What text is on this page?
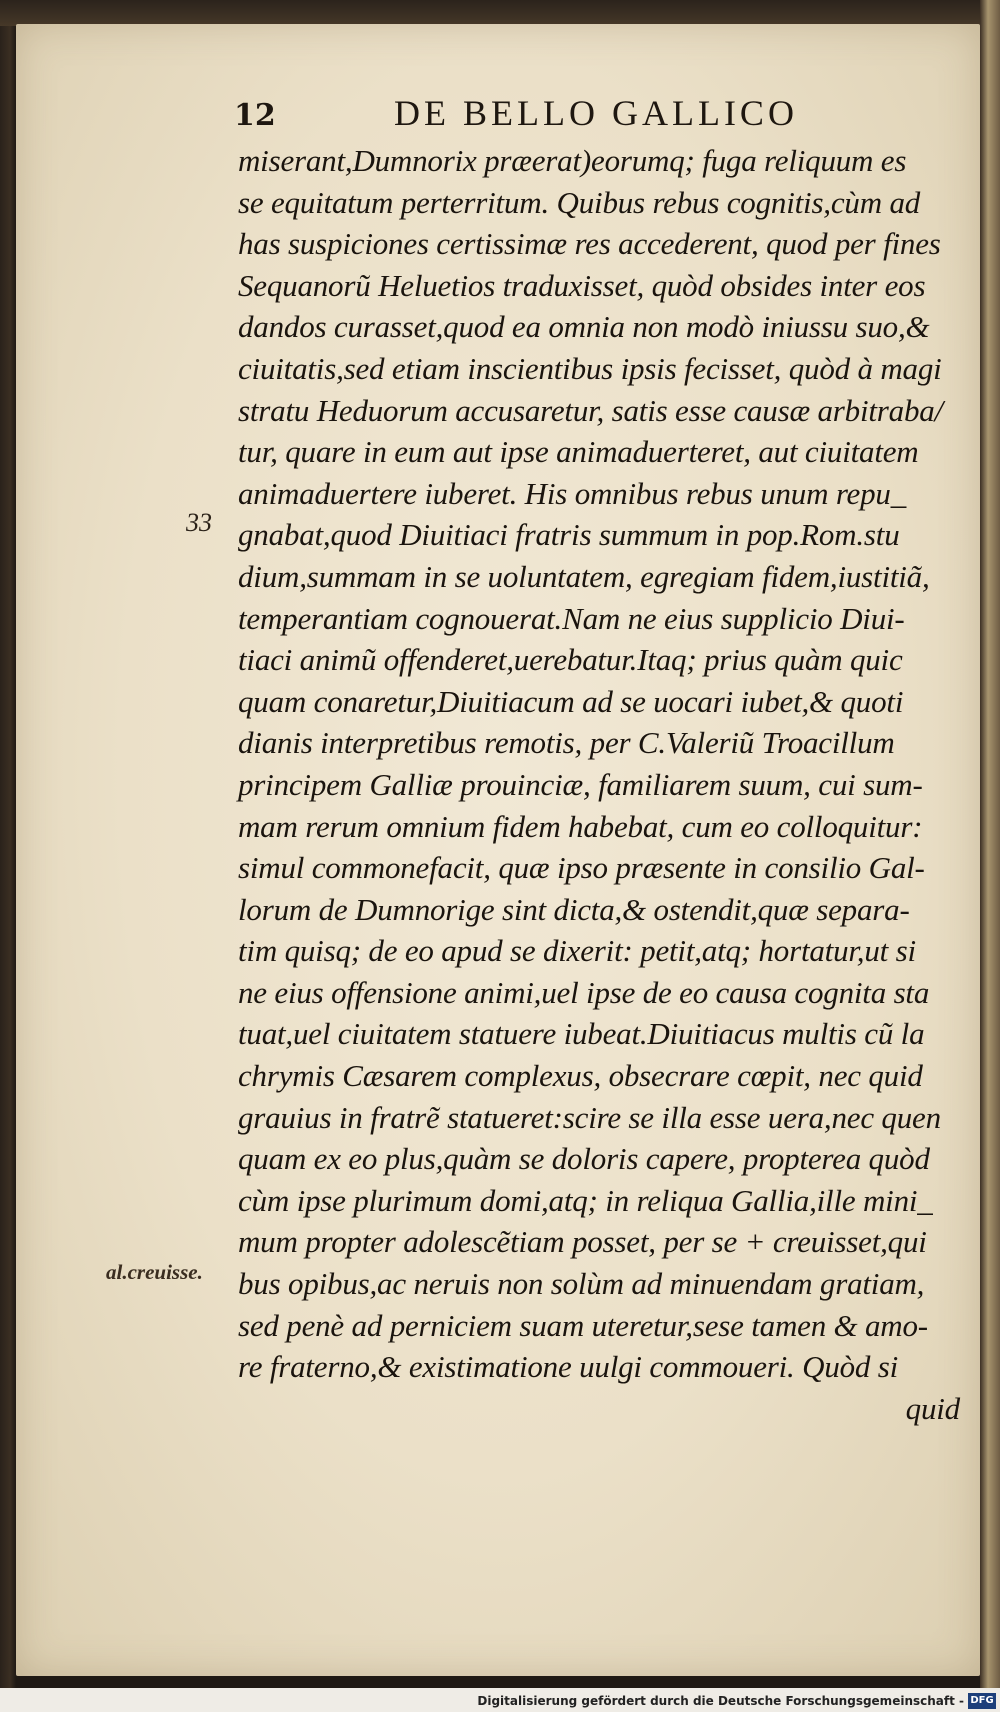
12	DE BELLO GALLICO
33
al.creuisse.
miserant,Dumnorix præerat)eorumq; fuga reliquum es
se equitatum perterritum. Quibus rebus cognitis,cùm ad
has suspiciones certissimæ res accederent, quod per fines
Sequanorũ Heluetios traduxisset, quòd obsides inter eos
dandos curasset,quod ea omnia non modò iniussu suo,&
ciuitatis,sed etiam inscientibus ipsis fecisset, quòd à magi
stratu Heduorum accusaretur, satis esse causæ arbitraba/
tur, quare in eum aut ipse animaduerteret, aut ciuitatem
animaduertere iuberet. His omnibus rebus unum repu_
gnabat,quod Diuitiaci fratris summum in pop.Rom.stu
dium,summam in se uoluntatem, egregiam fidem,iustitiã,
temperantiam cognouerat.Nam ne eius supplicio Diui-
tiaci animũ offenderet,uerebatur.Itaq; prius quàm quic
quam conaretur,Diuitiacum ad se uocari iubet,& quoti
dianis interpretibus remotis, per C.Valeriũ Troacillum
principem Galliæ prouinciæ, familiarem suum, cui sum-
mam rerum omnium fidem habebat, cum eo colloquitur:
simul commonefacit, quæ ipso præsente in consilio Gal-
lorum de Dumnorige sint dicta,& ostendit,quæ separa-
tim quisq; de eo apud se dixerit: petit,atq; hortatur,ut si
ne eius offensione animi,uel ipse de eo causa cognita sta
tuat,uel ciuitatem statuere iubeat.Diuitiacus multis cũ la
chrymis Cæsarem complexus, obsecrare cœpit, nec quid
grauius in fratrẽ statueret:scire se illa esse uera,nec quen
quam ex eo plus,quàm se doloris capere, propterea quòd
cùm ipse plurimum domi,atq; in reliqua Gallia,ille mini_
mum propter adolescẽtiam posset, per se + creuisset,qui
bus opibus,ac neruis non solùm ad minuendam gratiam,
sed penè ad perniciem suam uteretur,sese tamen & amo-
re fraterno,& existimatione uulgi commoueri. Quòd si
quid
Digitalisierung gefördert durch die Deutsche Forschungsgemeinschaft - DFG
